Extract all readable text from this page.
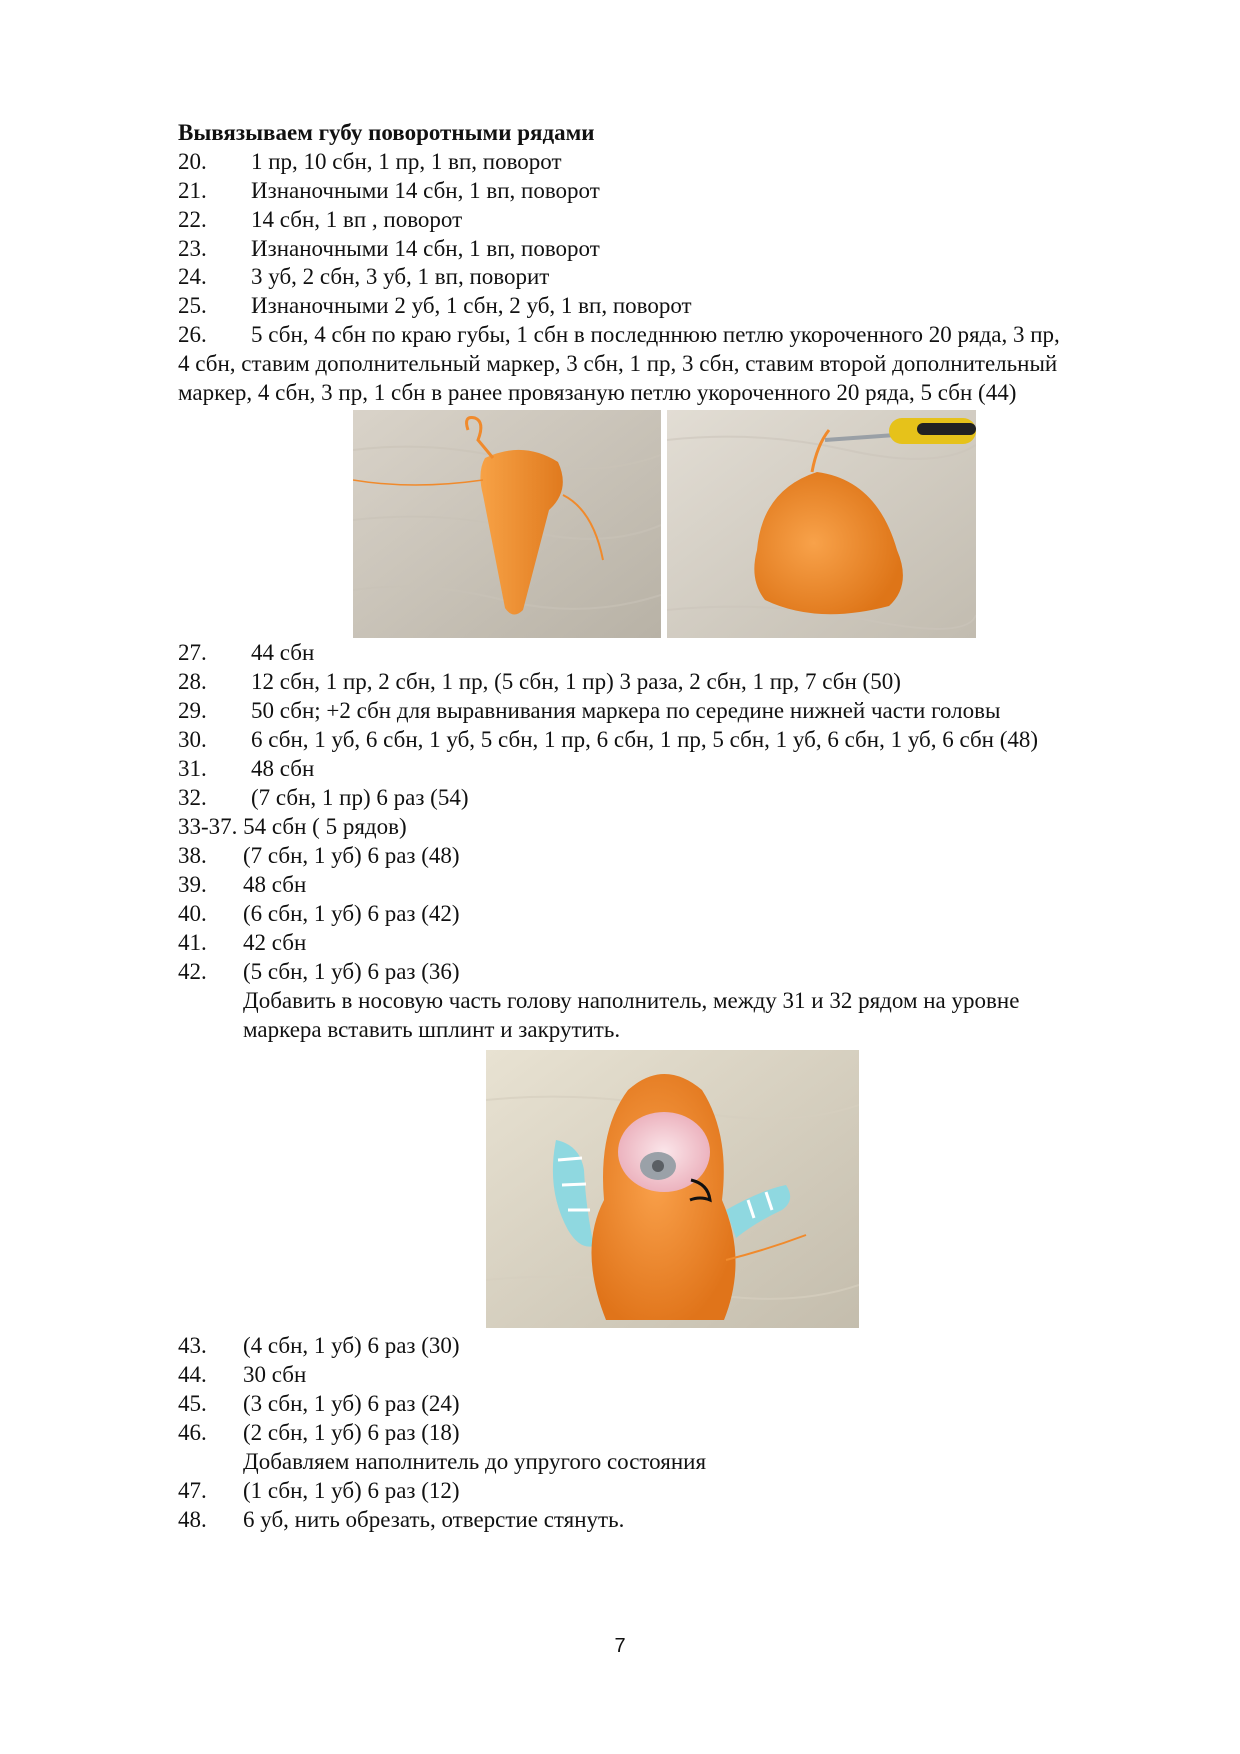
Вывязываем губу поворотными рядами
20. 1 пр, 10 сбн, 1 пр, 1 вп, поворот
21. Изнаночными 14 сбн, 1 вп, поворот
22. 14 сбн, 1 вп , поворот
23. Изнаночными 14 сбн, 1 вп, поворот
24. 3 уб, 2 сбн, 3 уб, 1 вп, поворит
25. Изнаночными 2 уб, 1 сбн, 2 уб, 1 вп, поворот
26. 5 сбн, 4 сбн по краю губы, 1 сбн в последннюю петлю укороченного 20 ряда, 3 пр,
4 сбн, ставим дополнительный маркер, 3 сбн, 1 пр, 3 сбн, ставим второй дополнительный
маркер, 4 сбн, 3 пр, 1 сбн в ранее провязаную петлю укороченного 20 ряда, 5 сбн (44)
27. 44 сбн
28. 12 сбн, 1 пр, 2 сбн, 1 пр, (5 сбн, 1 пр) 3 раза, 2 сбн, 1 пр, 7 сбн (50)
29. 50 сбн; +2 сбн для выравнивания маркера по середине нижней части головы
30. 6 сбн, 1 уб, 6 сбн, 1 уб, 5 сбн, 1 пр, 6 сбн, 1 пр, 5 сбн, 1 уб, 6 сбн, 1 уб, 6 сбн (48)
31. 48 сбн
32. (7 сбн, 1 пр) 6 раз (54)
33-37. 54 сбн ( 5 рядов)
38. (7 сбн, 1 уб) 6 раз (48)
39. 48 сбн
40. (6 сбн, 1 уб) 6 раз (42)
41. 42 сбн
42. (5 сбн, 1 уб) 6 раз (36)
Добавить в носовую часть голову наполнитель, между 31 и 32 рядом на уровне
маркера вставить шплинт и закрутить.
43. (4 сбн, 1 уб) 6 раз (30)
44. 30 сбн
45. (3 сбн, 1 уб) 6 раз (24)
46. (2 сбн, 1 уб) 6 раз (18)
Добавляем наполнитель до упругого состояния
47. (1 сбн, 1 уб) 6 раз (12)
48. 6 уб, нить обрезать, отверстие стянуть.
7
